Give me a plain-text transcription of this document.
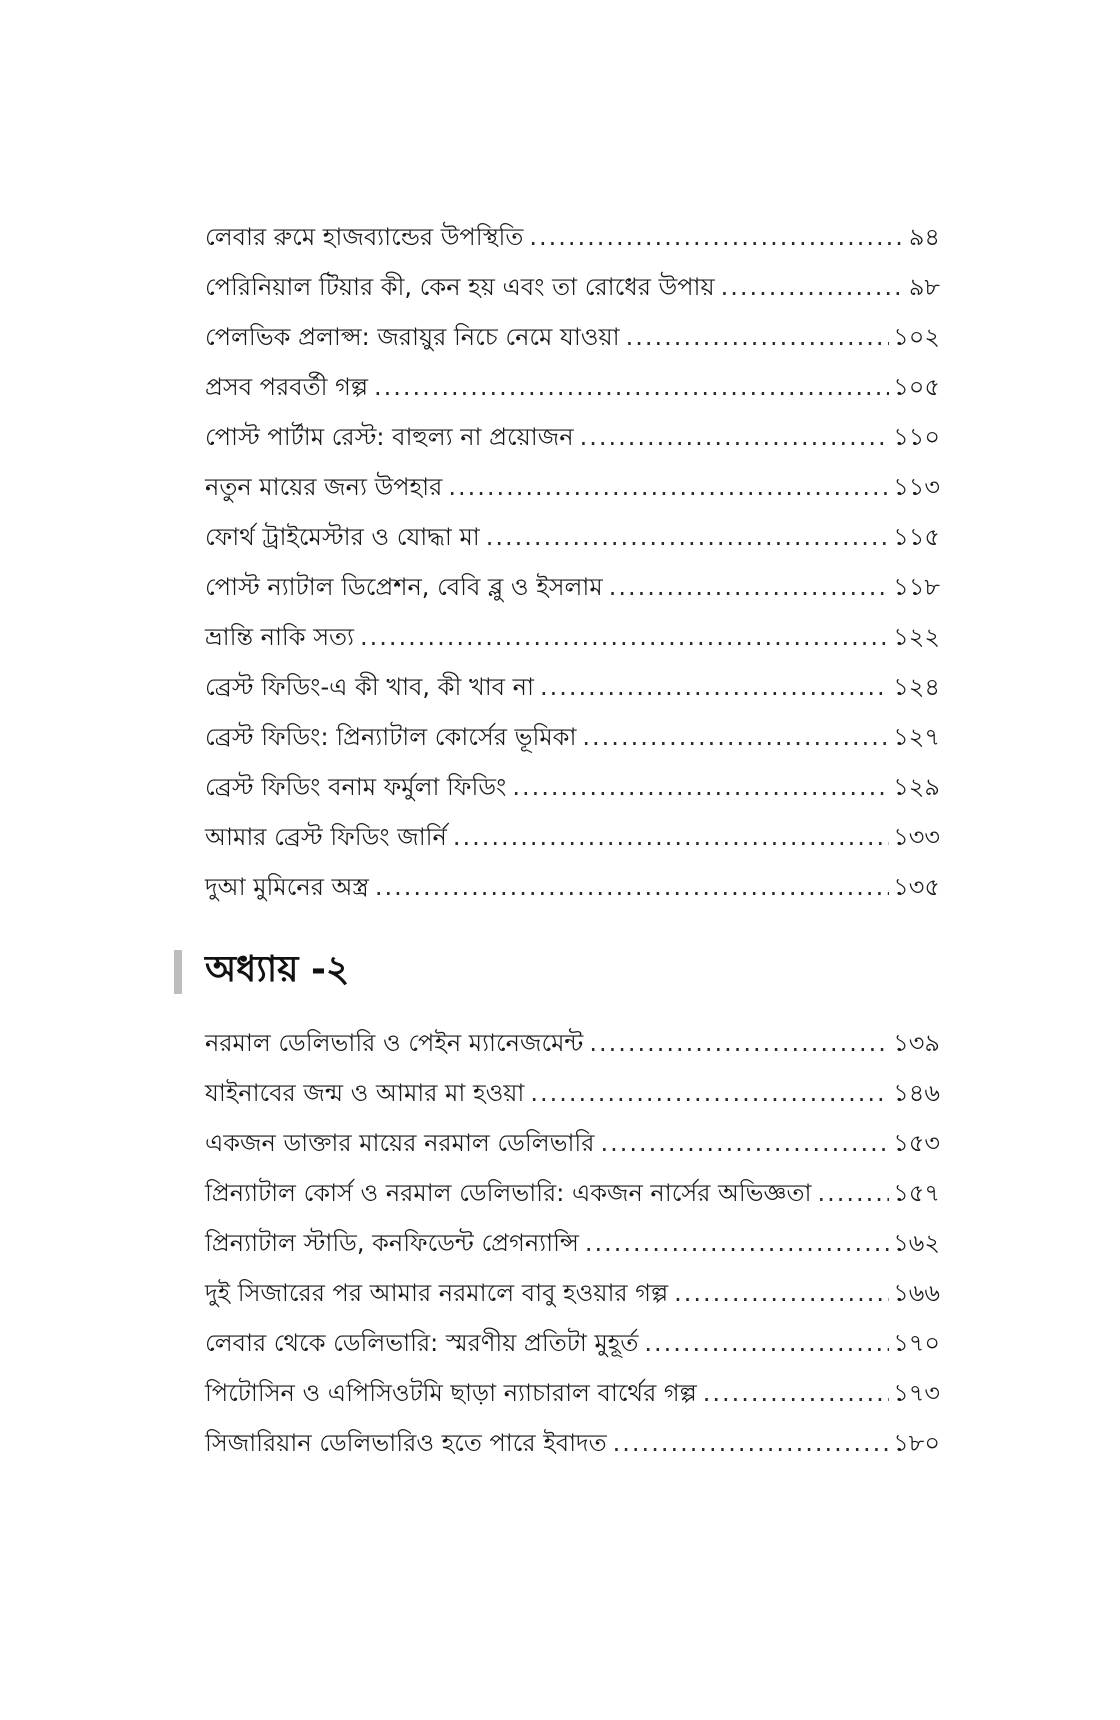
লেবার রুমে হাজব্যান্ডের উপস্থিতি .....	৯৪
পেরিনিয়াল টিয়ার কী, কেন হয় এবং তা রোধের উপায় .....	৯৮
পেলভিক প্রলাপ্স: জরায়ুর নিচে নেমে যাওয়া .....	১০২
প্রসব পরবর্তী গল্প .....	১০৫
পোস্ট পার্টাম রেস্ট: বাহুল্য না প্রয়োজন .....	১১০
নতুন মায়ের জন্য উপহার .....	১১৩
ফোর্থ ট্রাইমেস্টার ও যোদ্ধা মা .....	১১৫
পোস্ট ন্যাটাল ডিপ্রেশন, বেবি ব্লু ও ইসলাম .....	১১৮
ভ্রান্তি নাকি সত্য .....	১২২
ব্রেস্ট ফিডিং-এ কী খাব, কী খাব না .....	১২৪
ব্রেস্ট ফিডিং: প্রিন্যাটাল কোর্সের ভূমিকা .....	১২৭
ব্রেস্ট ফিডিং বনাম ফর্মুলা ফিডিং .....	১২৯
আমার ব্রেস্ট ফিডিং জার্নি .....	১৩৩
দুআ মুমিনের অস্ত্র .....	১৩৫
অধ্যায় -২
নরমাল ডেলিভারি ও পেইন ম্যানেজমেন্ট .....	১৩৯
যাইনাবের জন্ম ও আমার মা হওয়া .....	১৪৬
একজন ডাক্তার মায়ের নরমাল ডেলিভারি .....	১৫৩
প্রিন্যাটাল কোর্স ও নরমাল ডেলিভারি: একজন নার্সের অভিজ্ঞতা .....	১৫৭
প্রিন্যাটাল স্টাডি, কনফিডেন্ট প্রেগন্যান্সি .....	১৬২
দুই সিজারের পর আমার নরমালে বাবু হওয়ার গল্প .....	১৬৬
লেবার থেকে ডেলিভারি: স্মরণীয় প্রতিটা মুহূর্ত .....	১৭০
পিটোসিন ও এপিসিওটমি ছাড়া ন্যাচারাল বার্থের গল্প .....	১৭৩
সিজারিয়ান ডেলিভারিও হতে পারে ইবাদত .....	১৮০
